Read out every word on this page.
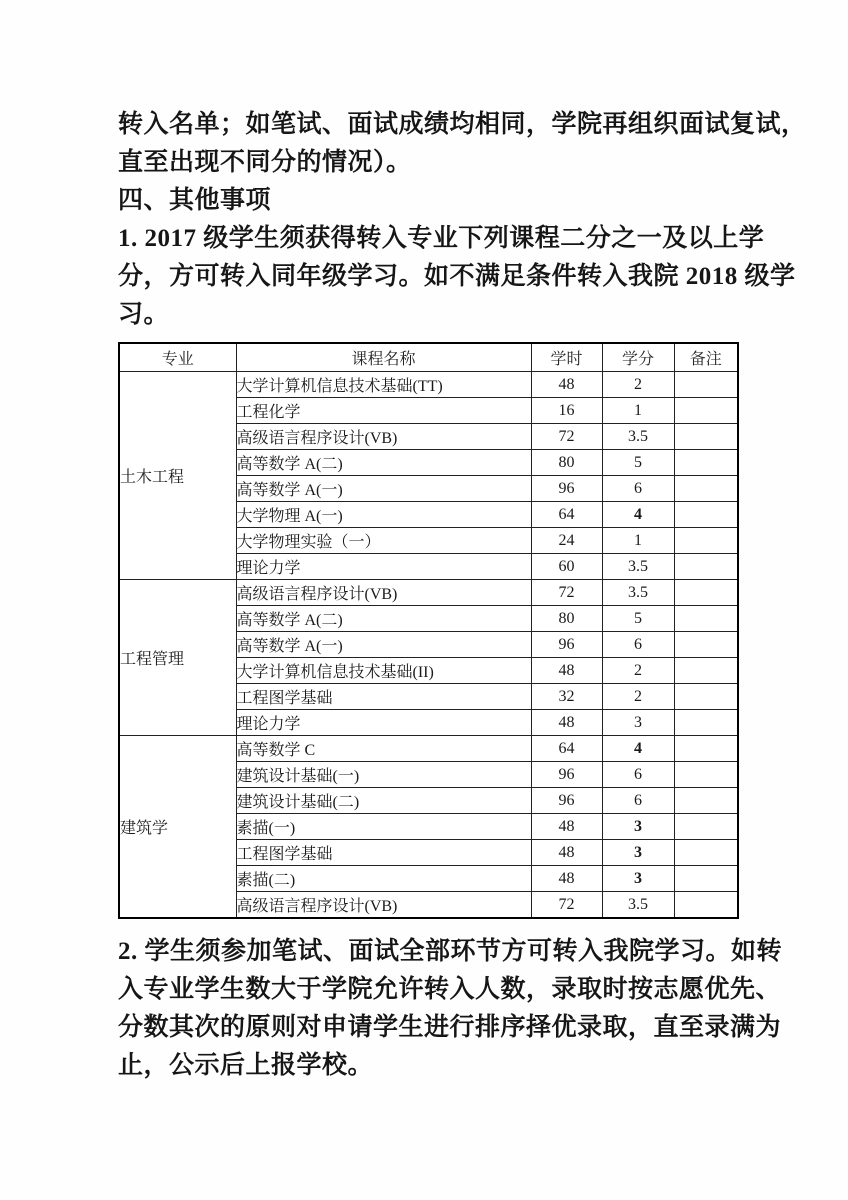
转入名单；如笔试、面试成绩均相同，学院再组织面试复试，
直至出现不同分的情况）。
四、其他事项
1. 2017 级学生须获得转入专业下列课程二分之一及以上学
分，方可转入同年级学习。如不满足条件转入我院 2018 级学
习。
专业	课程名称	学时	学分	备注
土木工程	大学计算机信息技术基础(TT)	48	2	
	工程化学	16	1	
	高级语言程序设计(VB)	72	3.5	
	高等数学 A(二)	80	5	
	高等数学 A(一)	96	6	
	大学物理 A(一)	64	4	
	大学物理实验（一）	24	1	
	理论力学	60	3.5	
工程管理	高级语言程序设计(VB)	72	3.5	
	高等数学 A(二)	80	5	
	高等数学 A(一)	96	6	
	大学计算机信息技术基础(II)	48	2	
	工程图学基础	32	2	
	理论力学	48	3	
建筑学	高等数学 C	64	4	
	建筑设计基础(一)	96	6	
	建筑设计基础(二)	96	6	
	素描(一)	48	3	
	工程图学基础	48	3	
	素描(二)	48	3	
	高级语言程序设计(VB)	72	3.5	
2. 学生须参加笔试、面试全部环节方可转入我院学习。如转
入专业学生数大于学院允许转入人数，录取时按志愿优先、
分数其次的原则对申请学生进行排序择优录取，直至录满为
止，公示后上报学校。
